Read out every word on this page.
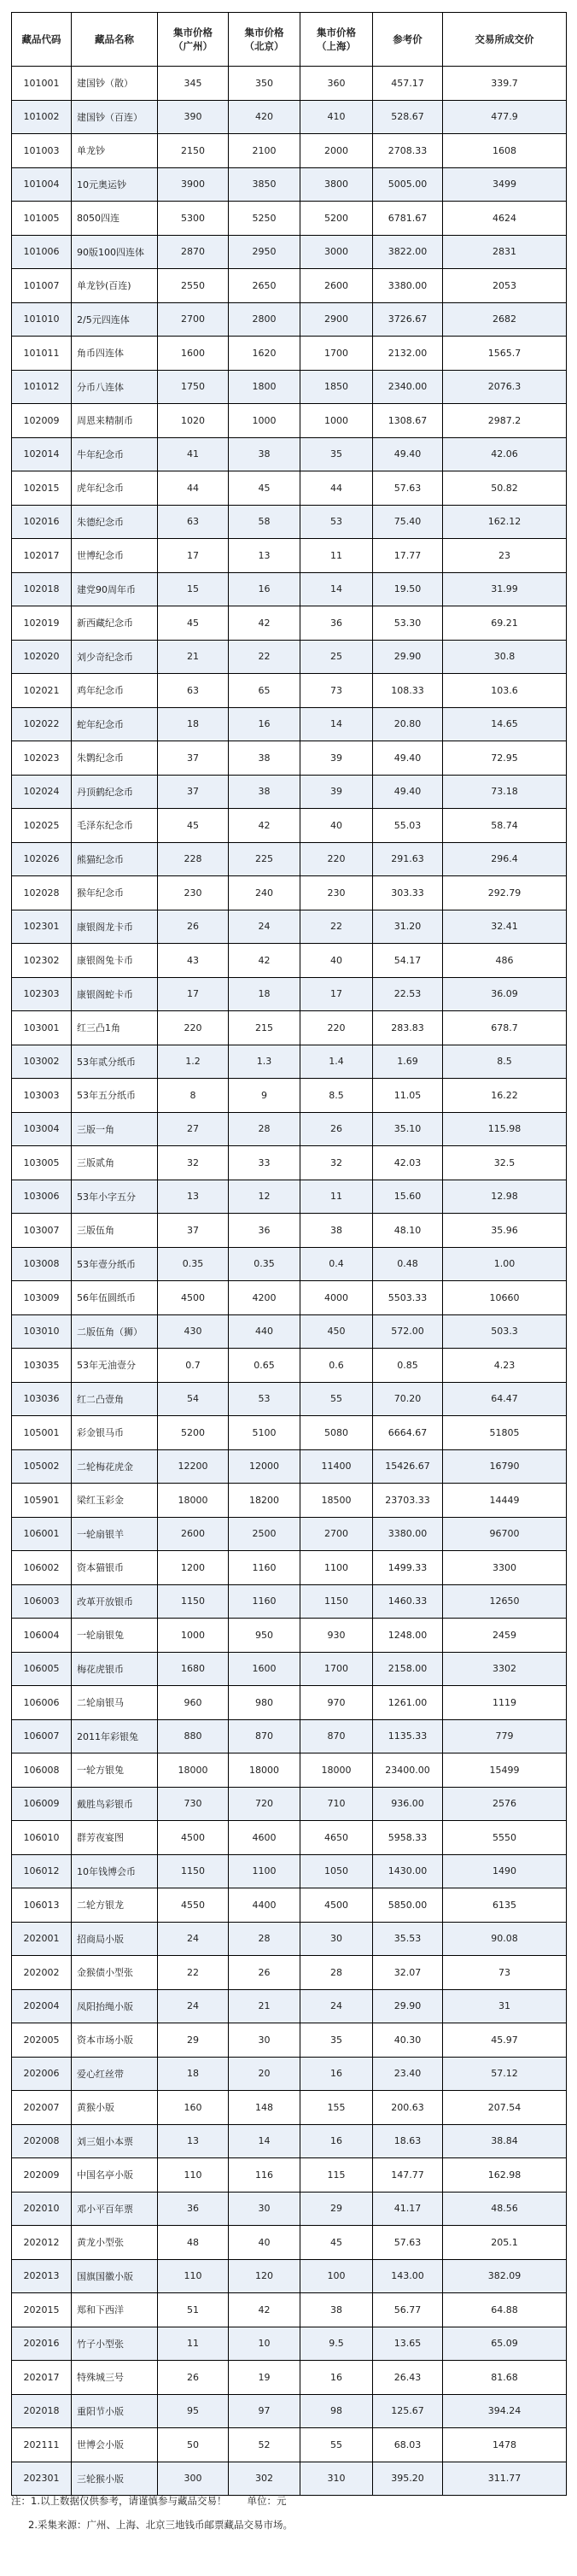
藏品代码	藏品名称	集市价格（广州）	集市价格（北京）	集市价格（上海）	参考价	交易所成交价
101001	建国钞（散）	345	350	360	457.17	339.7
101002	建国钞（百连）	390	420	410	528.67	477.9
101003	单龙钞	2150	2100	2000	2708.33	1608
101004	10元奥运钞	3900	3850	3800	5005.00	3499
101005	8050四连	5300	5250	5200	6781.67	4624
101006	90版100四连体	2870	2950	3000	3822.00	2831
101007	单龙钞(百连)	2550	2650	2600	3380.00	2053
101010	2/5元四连体	2700	2800	2900	3726.67	2682
101011	角币四连体	1600	1620	1700	2132.00	1565.7
101012	分币八连体	1750	1800	1850	2340.00	2076.3
102009	周恩来精制币	1020	1000	1000	1308.67	2987.2
102014	牛年纪念币	41	38	35	49.40	42.06
102015	虎年纪念币	44	45	44	57.63	50.82
102016	朱德纪念币	63	58	53	75.40	162.12
102017	世博纪念币	17	13	11	17.77	23
102018	建党90周年币	15	16	14	19.50	31.99
102019	新西藏纪念币	45	42	36	53.30	69.21
102020	刘少奇纪念币	21	22	25	29.90	30.8
102021	鸡年纪念币	63	65	73	108.33	103.6
102022	蛇年纪念币	18	16	14	20.80	14.65
102023	朱鹮纪念币	37	38	39	49.40	72.95
102024	丹顶鹤纪念币	37	38	39	49.40	73.18
102025	毛泽东纪念币	45	42	40	55.03	58.74
102026	熊猫纪念币	228	225	220	291.63	296.4
102028	猴年纪念币	230	240	230	303.33	292.79
102301	康银阁龙卡币	26	24	22	31.20	32.41
102302	康银阁兔卡币	43	42	40	54.17	486
102303	康银阁蛇卡币	17	18	17	22.53	36.09
103001	红三凸1角	220	215	220	283.83	678.7
103002	53年贰分纸币	1.2	1.3	1.4	1.69	8.5
103003	53年五分纸币	8	9	8.5	11.05	16.22
103004	三版一角	27	28	26	35.10	115.98
103005	三版贰角	32	33	32	42.03	32.5
103006	53年小字五分	13	12	11	15.60	12.98
103007	三版伍角	37	36	38	48.10	35.96
103008	53年壹分纸币	0.35	0.35	0.4	0.48	1.00
103009	56年伍圆纸币	4500	4200	4000	5503.33	10660
103010	二版伍角（狮）	430	440	450	572.00	503.3
103035	53年无油壹分	0.7	0.65	0.6	0.85	4.23
103036	红二凸壹角	54	53	55	70.20	64.47
105001	彩金银马币	5200	5100	5080	6664.67	51805
105002	二轮梅花虎金	12200	12000	11400	15426.67	16790
105901	梁红玉彩金	18000	18200	18500	23703.33	14449
106001	一轮扇银羊	2600	2500	2700	3380.00	96700
106002	资本猫银币	1200	1160	1100	1499.33	3300
106003	改革开放银币	1150	1160	1150	1460.33	12650
106004	一轮扇银兔	1000	950	930	1248.00	2459
106005	梅花虎银币	1680	1600	1700	2158.00	3302
106006	二轮扇银马	960	980	970	1261.00	1119
106007	2011年彩银兔	880	870	870	1135.33	779
106008	一轮方银兔	18000	18000	18000	23400.00	15499
106009	戴胜鸟彩银币	730	720	710	936.00	2576
106010	群芳夜宴图	4500	4600	4650	5958.33	5550
106012	10年钱博会币	1150	1100	1050	1430.00	1490
106013	二轮方银龙	4550	4400	4500	5850.00	6135
202001	招商局小版	24	28	30	35.53	90.08
202002	金猴债小型张	22	26	28	32.07	73
202004	凤阳抬绳小版	24	21	24	29.90	31
202005	资本市场小版	29	30	35	40.30	45.97
202006	爱心红丝带	18	20	16	23.40	57.12
202007	黄猴小版	160	148	155	200.63	207.54
202008	刘三姐小本票	13	14	16	18.63	38.84
202009	中国名亭小版	110	116	115	147.77	162.98
202010	邓小平百年票	36	30	29	41.17	48.56
202012	黄龙小型张	48	40	45	57.63	205.1
202013	国旗国徽小版	110	120	100	143.00	382.09
202015	郑和下西洋	51	42	38	56.77	64.88
202016	竹子小型张	11	10	9.5	13.65	65.09
202017	特殊城三号	26	19	16	26.43	81.68
202018	重阳节小版	95	97	98	125.67	394.24
202111	世博会小版	50	52	55	68.03	1478
202301	三轮猴小版	300	302	310	395.20	311.77
注：1.以上数据仅供参考，请谨慎参与藏品交易！ 单位：元
2.采集来源：广州、上海、北京三地钱币邮票藏品交易市场。
